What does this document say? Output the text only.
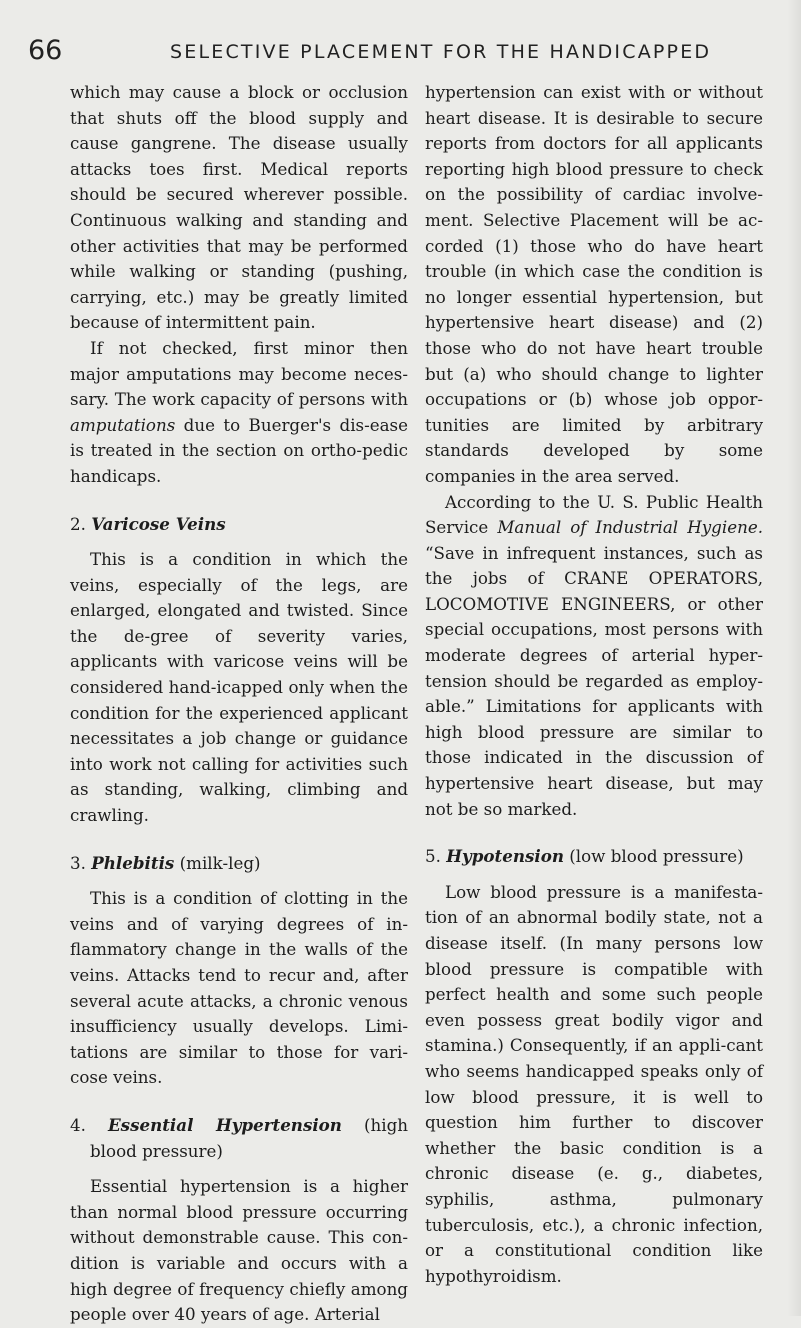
66	SELECTIVE PLACEMENT FOR THE HANDICAPPED

which may cause a block or occlusion that shuts off the blood supply and cause gangrene. The disease usually attacks toes first. Medical reports should be secured wherever possible. Continuous walking and standing and other activities that may be performed while walking or standing (pushing, carrying, etc.) may be greatly limited because of intermittent pain.

If not checked, first minor then major amputations may become neces-sary. The work capacity of persons with amputations due to Buerger's dis-ease is treated in the section on ortho-pedic handicaps.

2. Varicose Veins

This is a condition in which the veins, especially of the legs, are enlarged, elongated and twisted. Since the de-gree of severity varies, applicants with varicose veins will be considered hand-icapped only when the condition for the experienced applicant necessitates a job change or guidance into work not calling for activities such as standing, walking, climbing and crawling.

3. Phlebitis (milk-leg)

This is a condition of clotting in the veins and of varying degrees of in-flammatory change in the walls of the veins. Attacks tend to recur and, after several acute attacks, a chronic venous insufficiency usually develops. Limi-tations are similar to those for vari-cose veins.

4. Essential Hypertension (high blood pressure)

Essential hypertension is a higher than normal blood pressure occurring without demonstrable cause. This con-dition is variable and occurs with a high degree of frequency chiefly among people over 40 years of age. Arterial

hypertension can exist with or without heart disease. It is desirable to secure reports from doctors for all applicants reporting high blood pressure to check on the possibility of cardiac involve-ment. Selective Placement will be ac-corded (1) those who do have heart trouble (in which case the condition is no longer essential hypertension, but hypertensive heart disease) and (2) those who do not have heart trouble but (a) who should change to lighter occupations or (b) whose job oppor-tunities are limited by arbitrary standards developed by some companies in the area served.

According to the U. S. Public Health Service Manual of Industrial Hygiene. “Save in infrequent instances, such as the jobs of CRANE OPERATORS, LOCOMOTIVE ENGINEERS, or other special occupations, most persons with moderate degrees of arterial hyper-tension should be regarded as employ-able.” Limitations for applicants with high blood pressure are similar to those indicated in the discussion of hypertensive heart disease, but may not be so marked.

5. Hypotension (low blood pressure)

Low blood pressure is a manifesta-tion of an abnormal bodily state, not a disease itself. (In many persons low blood pressure is compatible with perfect health and some such people even possess great bodily vigor and stamina.) Consequently, if an appli-cant who seems handicapped speaks only of low blood pressure, it is well to question him further to discover whether the basic condition is a chronic disease (e. g., diabetes, syphilis, asthma, pulmonary tuberculosis, etc.), a chronic infection, or a constitutional condition like hypothyroidism.
